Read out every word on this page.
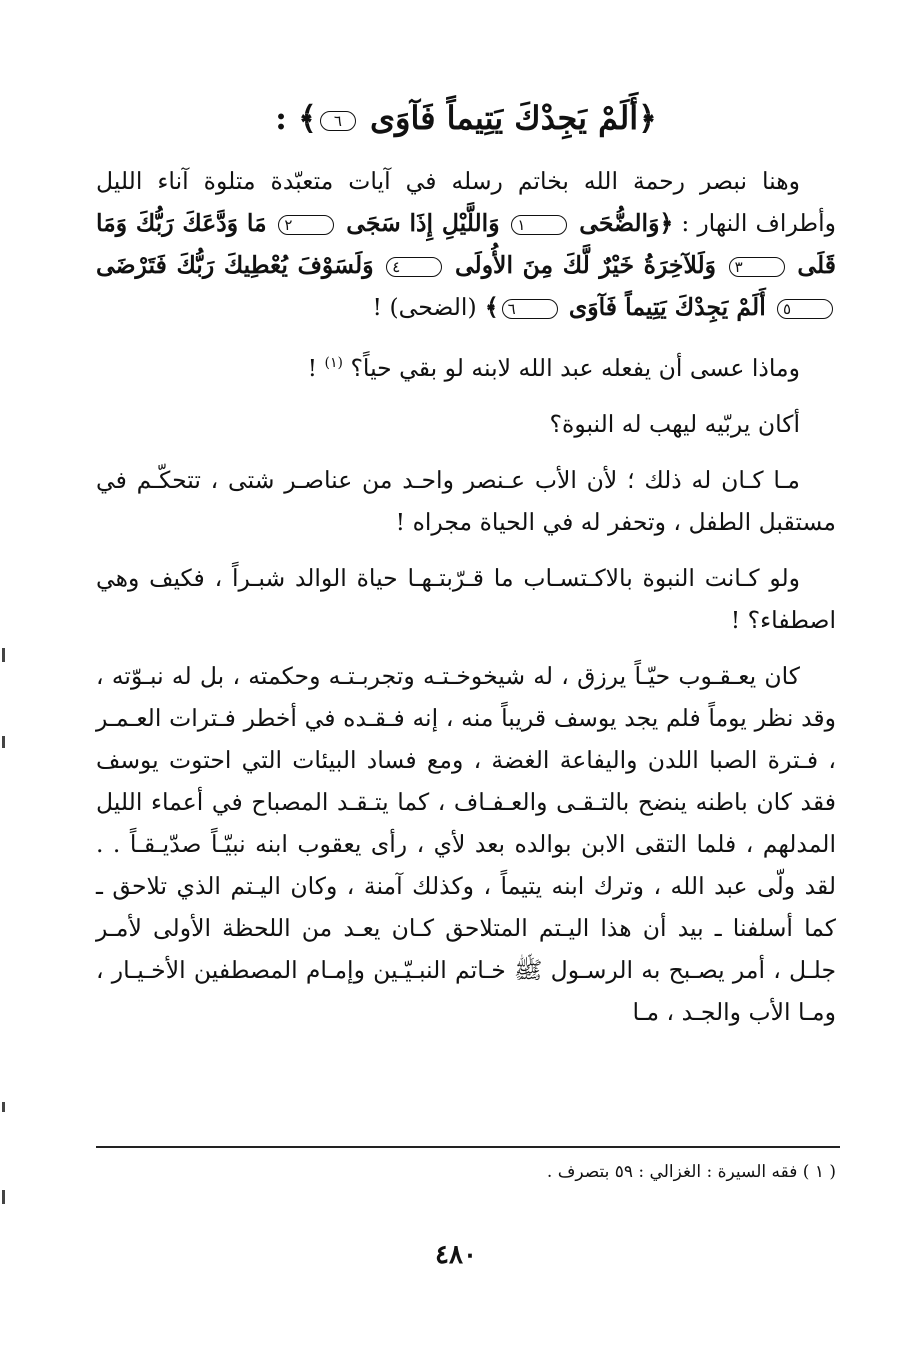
﴿أَلَمْ يَجِدْكَ يَتِيماً فَآوَى ٦﴾ :

وهنا نبصر رحمة الله بخاتم رسله في آيات متعبّدة متلوة آناء الليل وأطراف النهار : ﴿وَالضُّحَى ١ وَاللَّيْلِ إِذَا سَجَى ٢ مَا وَدَّعَكَ رَبُّكَ وَمَا قَلَى ٣ وَلَلآخِرَةُ خَيْرٌ لَّكَ مِنَ الأُولَى ٤ وَلَسَوْفَ يُعْطِيكَ رَبُّكَ فَتَرْضَى ٥ أَلَمْ يَجِدْكَ يَتِيماً فَآوَى ٦﴾ (الضحى) !

وماذا عسى أن يفعله عبد الله لابنه لو بقي حياً؟ $^{(١)}$ !

أكان يربّيه ليهب له النبوة؟

مـا كـان له ذلك ؛ لأن الأب عـنصر واحـد من عناصـر شتى ، تتحكّـم في مستقبل الطفل ، وتحفر له في الحياة مجراه !

ولو كـانت النبوة بالاكـتسـاب ما قـرّبتـهـا حياة الوالد شبـراً ، فكيف وهي اصطفاء؟ !

كان يعـقـوب حيّـاً يرزق ، له شيخوخـتـه وتجربـتـه وحكمته ، بل له نبـوّته ، وقد نظر يوماً فلم يجد يوسف قريباً منه ، إنه فـقـده في أخطر فـترات العـمـر ، فـترة الصبا اللدن واليفاعة الغضة ، ومع فساد البيئات التي احتوت يوسف فقد كان باطنه ينضح بالتـقـى والعـفـاف ، كما يتـقـد المصباح في أعماء الليل المدلهم ، فلما التقى الابن بوالده بعد لأي ، رأى يعقوب ابنه نبيّـاً صدّيـقـاً . . لقد ولّى عبد الله ، وترك ابنه يتيماً ، وكذلك آمنة ، وكان اليـتم الذي تلاحق ـ كما أسلفنا ـ بيد أن هذا اليـتم المتلاحق كـان يعـد من اللحظة الأولى لأمـر جلـل ، أمر يصـبح به الرسـول ﷺ خـاتم النبـيّـين وإمـام المصطفين الأخـيـار ، ومـا الأب والجـد ، مـا

( ١ ) فقه السيرة : الغزالي : ٥٩ بتصرف .
٤٨٠
